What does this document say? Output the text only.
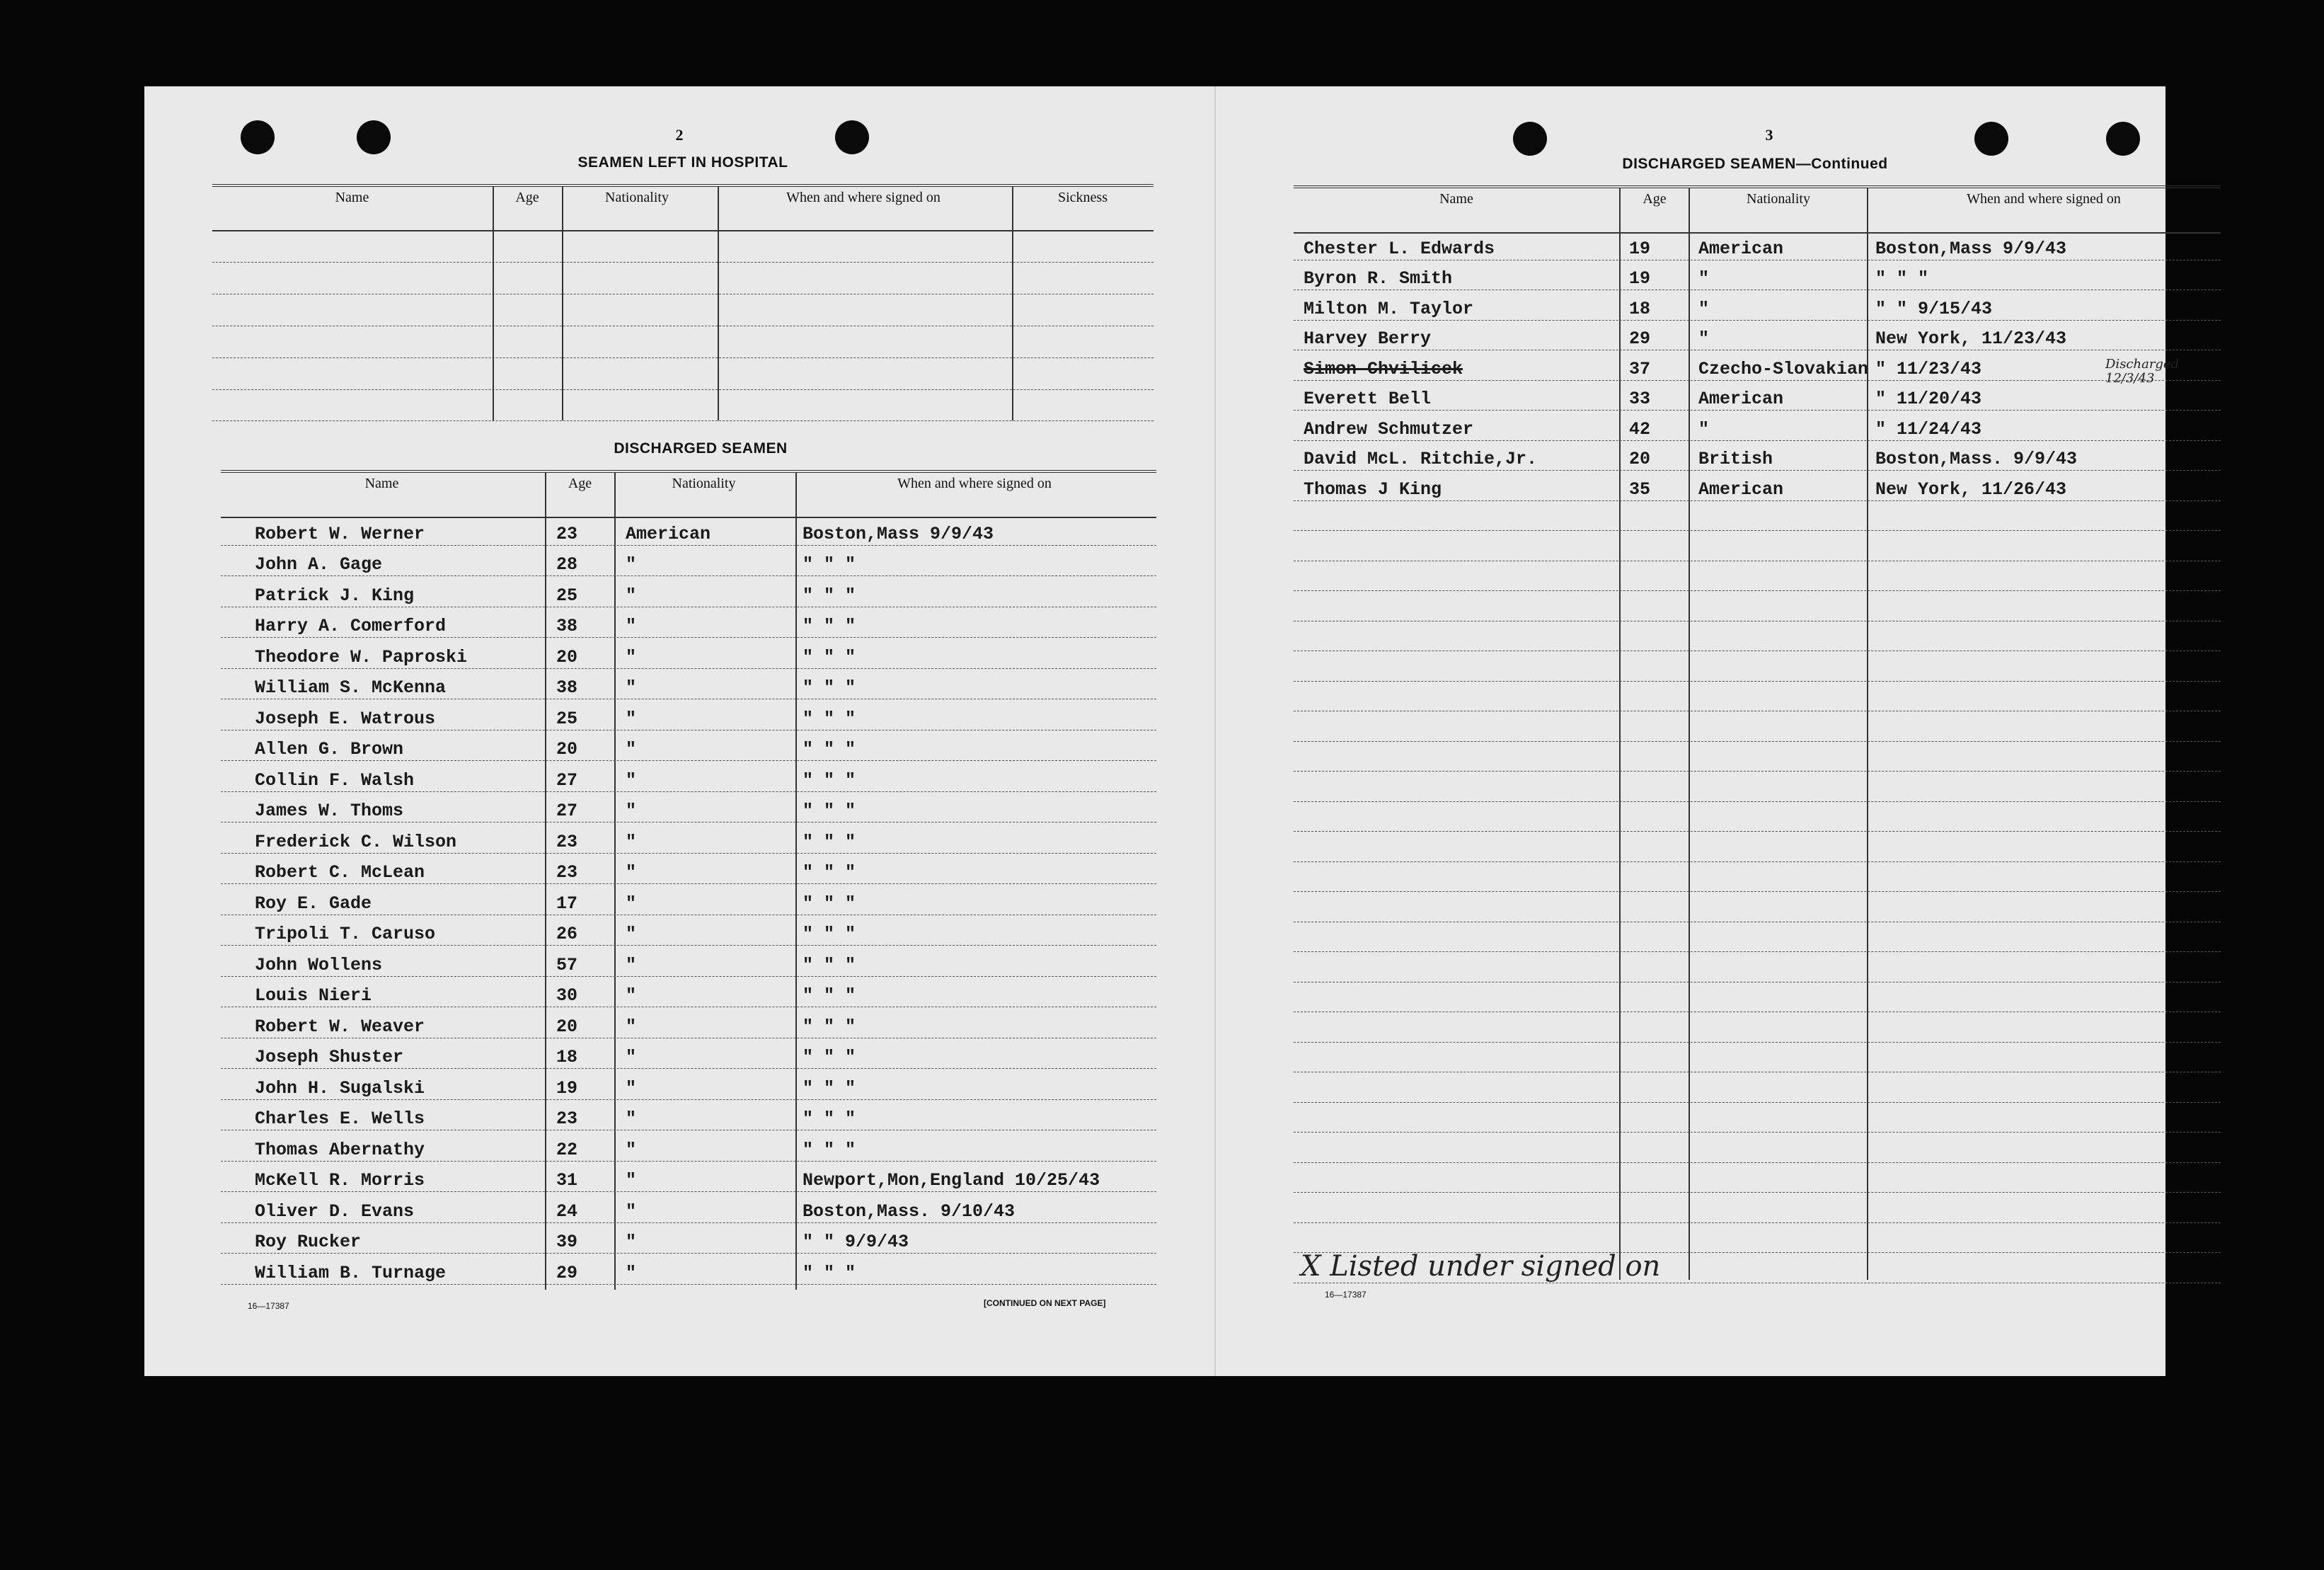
2
SEAMEN LEFT IN HOSPITAL
Name	Age	Nationality	When and where signed on	Sickness
DISCHARGED SEAMEN
Name	Age	Nationality	When and where signed on
Robert W. Werner	23	American	Boston,Mass 9/9/43
John A. Gage	28	"	" " "
Patrick J. King	25	"	" " "
Harry A. Comerford	38	"	" " "
Theodore W. Paproski	20	"	" " "
William S. McKenna	38	"	" " "
Joseph E. Watrous	25	"	" " "
Allen G. Brown	20	"	" " "
Collin F. Walsh	27	"	" " "
James W. Thoms	27	"	" " "
Frederick C. Wilson	23	"	" " "
Robert C. McLean	23	"	" " "
Roy E. Gade	17	"	" " "
Tripoli T. Caruso	26	"	" " "
John Wollens	57	"	" " "
Louis Nieri	30	"	" " "
Robert W. Weaver	20	"	" " "
Joseph Shuster	18	"	" " "
John H. Sugalski	19	"	" " "
Charles E. Wells	23	"	" " "
Thomas Abernathy	22	"	" " "
McKell R. Morris	31	"	Newport,Mon,England 10/25/43
Oliver D. Evans	24	"	Boston,Mass. 9/10/43
Roy Rucker	39	"	" " 9/9/43
William B. Turnage	29	"	" " "
16—17387	[CONTINUED ON NEXT PAGE]
3
DISCHARGED SEAMEN—Continued
Name	Age	Nationality	When and where signed on
Chester L. Edwards	19	American	Boston,Mass 9/9/43
Byron R. Smith	19	"	" " "
Milton M. Taylor	18	"	" " 9/15/43
Harvey Berry	29	"	New York, 11/23/43
Simon Chvilicek	37	Czecho-Slovakian " 11/23/43
Everett Bell	33	American	" 11/20/43
Andrew Schmutzer	42	"	" 11/24/43
David McL. Ritchie,Jr.	20	British	Boston,Mass. 9/9/43
Thomas J King	35	American	New York, 11/26/43
Discharged 12/3/43
X Listed under signed on
16—17387
